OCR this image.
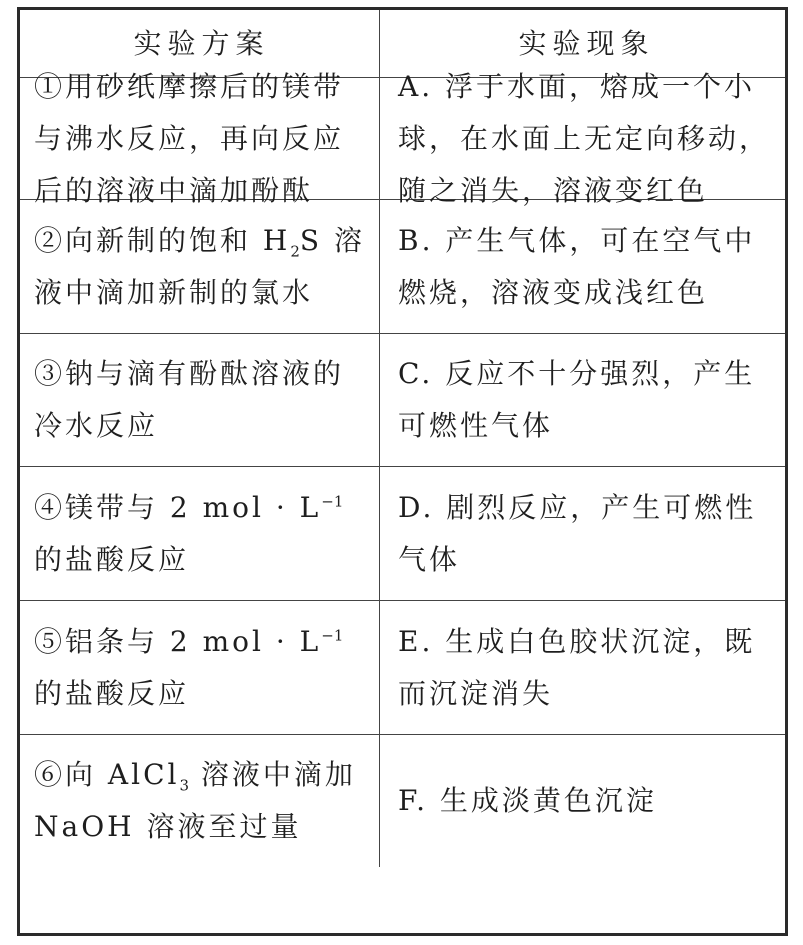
实验方案	实验现象
①用砂纸摩擦后的镁带与沸水反应，再向反应后的溶液中滴加酚酞
A. 浮于水面，熔成一个小球，在水面上无定向移动，随之消失，溶液变红色
②向新制的饱和 $H_2S$ 溶液中滴加新制的氯水
B. 产生气体，可在空气中燃烧，溶液变成浅红色
③钠与滴有酚酞溶液的冷水反应
C. 反应不十分强烈，产生可燃性气体
④镁带与 2 mol · $L^{-1}$ 的盐酸反应
D. 剧烈反应，产生可燃性气体
⑤铝条与 2 mol · $L^{-1}$ 的盐酸反应
E. 生成白色胶状沉淀，既而沉淀消失
⑥向 AlCl$_3$ 溶液中滴加 NaOH 溶液至过量
F. 生成淡黄色沉淀
